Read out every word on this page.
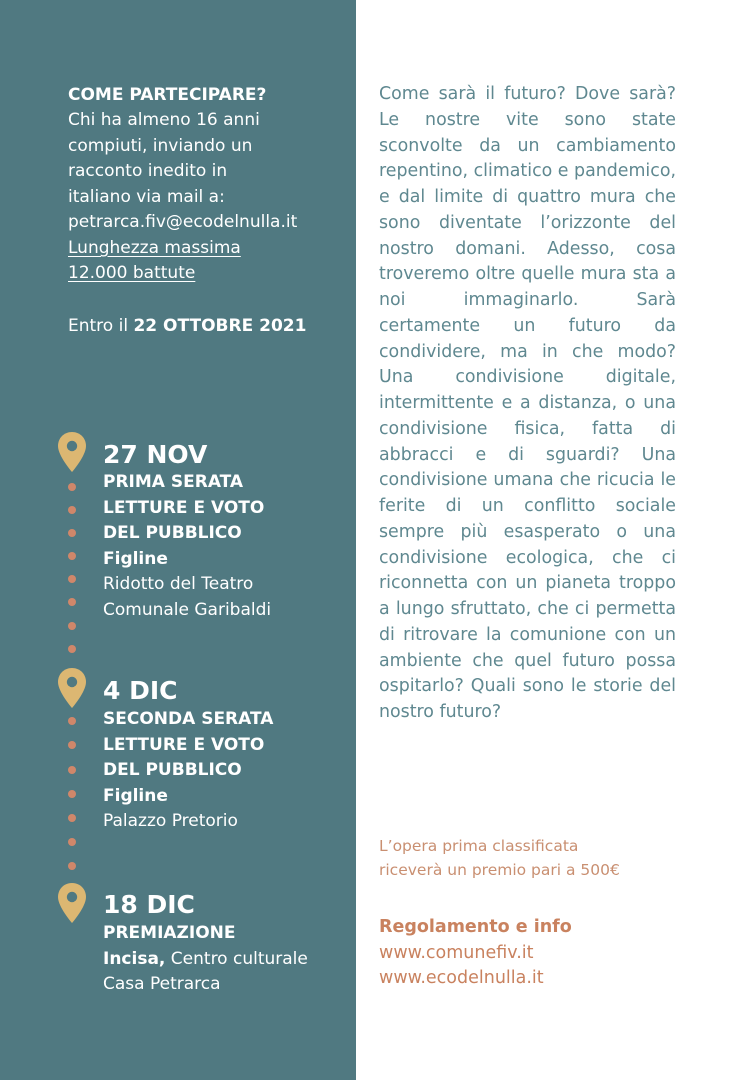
COME PARTECIPARE?
Chi ha almeno 16 anni
compiuti, inviando un
racconto inedito in
italiano via mail a:
petrarca.fiv@ecodelnulla.it
Lunghezza massima
12.000 battute
Entro il 22 OTTOBRE 2021
27 NOV
PRIMA SERATA
LETTURE E VOTO
DEL PUBBLICO
Figline
Ridotto del Teatro
Comunale Garibaldi
4 DIC
SECONDA SERATA
LETTURE E VOTO
DEL PUBBLICO
Figline
Palazzo Pretorio
18 DIC
PREMIAZIONE
Incisa, Centro culturale
Casa Petrarca

Come sarà il futuro? Dove sarà? Le nostre vite sono state sconvolte da un cambiamento repentino, climatico e pandemico, e dal limite di quattro mura che sono diventate l’orizzonte del nostro domani. Adesso, cosa troveremo oltre quelle mura sta a noi immaginarlo. Sarà certamente un futuro da condividere, ma in che modo? Una condivisione digitale, intermittente e a distanza, o una condivisione fisica, fatta di abbracci e di sguardi? Una condivisione umana che ricucia le ferite di un conflitto sociale sempre più esasperato o una condivisione ecologica, che ci riconnetta con un pianeta troppo a lungo sfruttato, che ci permetta di ritrovare la comunione con un ambiente che quel futuro possa ospitarlo? Quali sono le storie del nostro futuro?

L’opera prima classificata
riceverà un premio pari a 500€

Regolamento e info
www.comunefiv.it
www.ecodelnulla.it
